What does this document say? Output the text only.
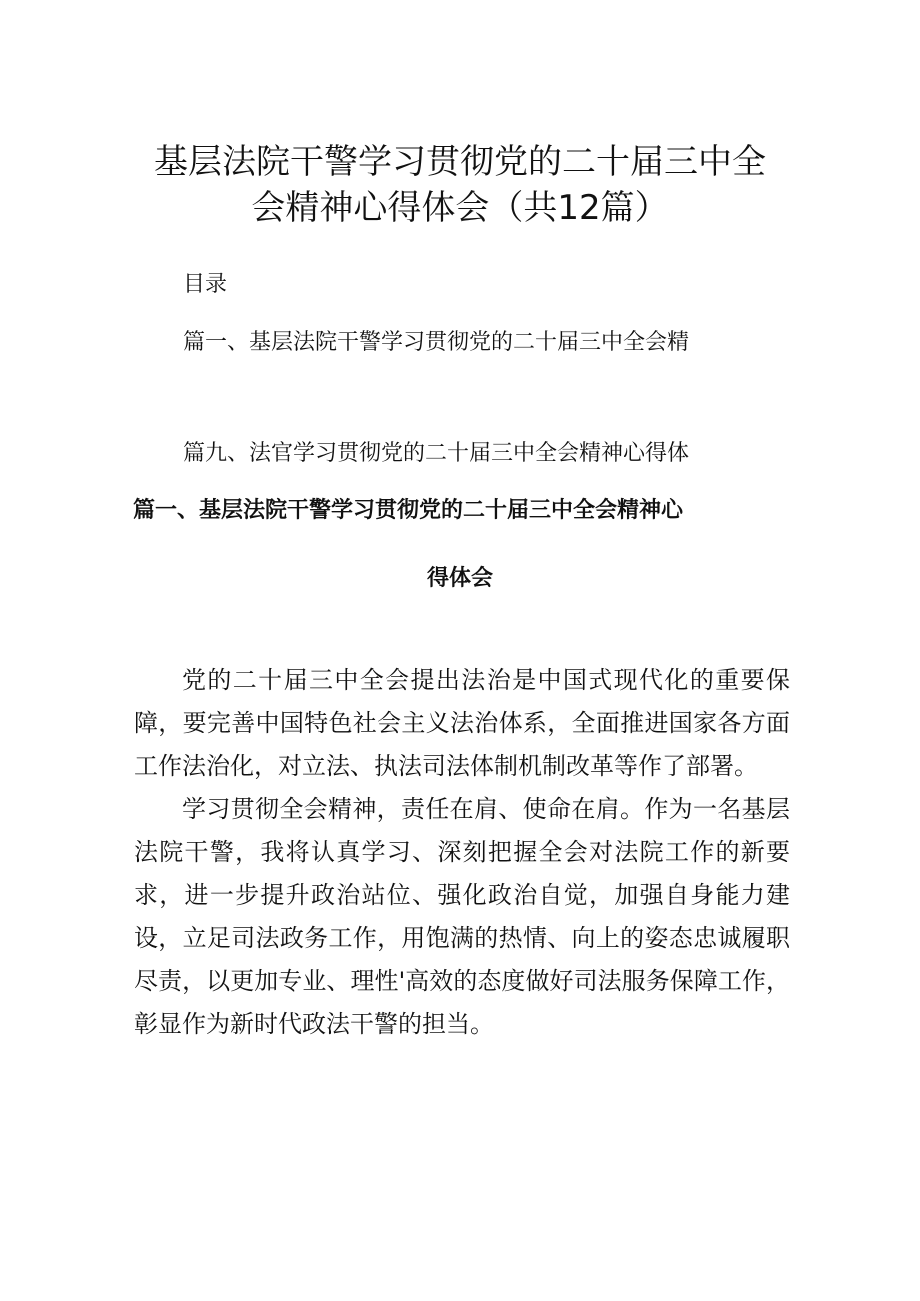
基层法院干警学习贯彻党的二十届三中全
会精神心得体会（共12篇）
目录
篇一、基层法院干警学习贯彻党的二十届三中全会精
篇九、法官学习贯彻党的二十届三中全会精神心得体
篇一、基层法院干警学习贯彻党的二十届三中全会精神心
得体会

党的二十届三中全会提出法治是中国式现代化的重要保障，要完善中国特色社会主义法治体系，全面推进国家各方面工作法治化，对立法、执法司法体制机制改革等作了部署。

学习贯彻全会精神，责任在肩、使命在肩。作为一名基层法院干警，我将认真学习、深刻把握全会对法院工作的新要求，进一步提升政治站位、强化政治自觉，加强自身能力建设，立足司法政务工作，用饱满的热情、向上的姿态忠诚履职尽责，以更加专业、理性'高效的态度做好司法服务保障工作，彰显作为新时代政法干警的担当。
